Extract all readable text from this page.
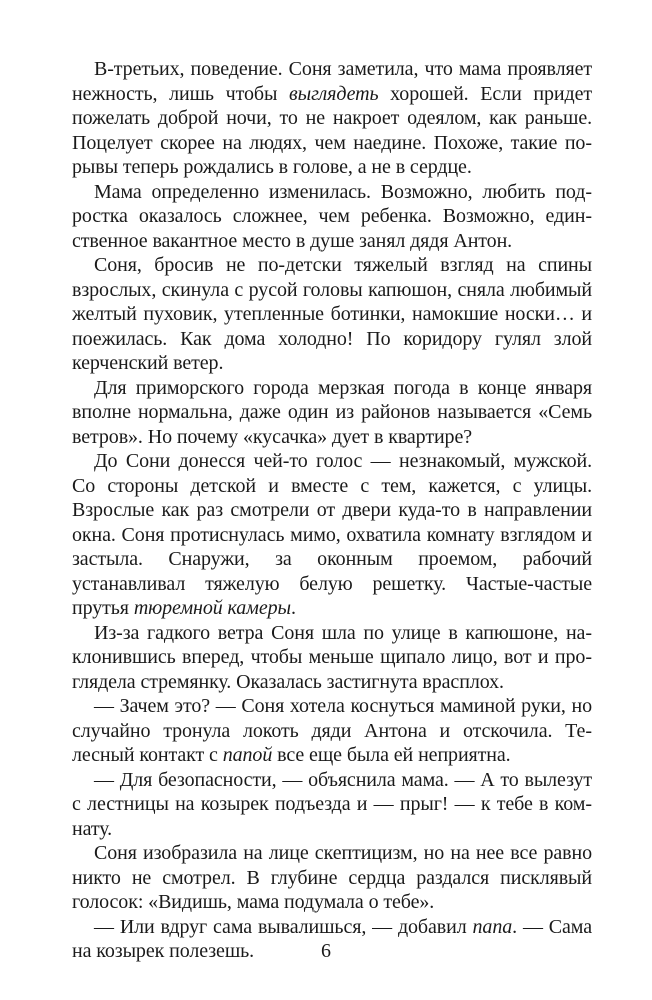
В-третьих, поведение. Соня заметила, что мама проявляет нежность, лишь чтобы выглядеть хорошей. Если придет пожелать доброй ночи, то не накроет одеялом, как раньше. Поцелует скорее на людях, чем наедине. Похоже, такие порывы теперь рождались в голове, а не в сердце.

Мама определенно изменилась. Возможно, любить подростка оказалось сложнее, чем ребенка. Возможно, единственное вакантное место в душе занял дядя Антон.

Соня, бросив не по-детски тяжелый взгляд на спины взрослых, скинула с русой головы капюшон, сняла любимый желтый пуховик, утепленные ботинки, намокшие носки… и поежилась. Как дома холодно! По коридору гулял злой керченский ветер.

Для приморского города мерзкая погода в конце января вполне нормальна, даже один из районов называется «Семь ветров». Но почему «кусачка» дует в квартире?

До Сони донесся чей-то голос — незнакомый, мужской. Со стороны детской и вместе с тем, кажется, с улицы. Взрослые как раз смотрели от двери куда-то в направлении окна. Соня протиснулась мимо, охватила комнату взглядом и застыла. Снаружи, за оконным проемом, рабочий устанавливал тяжелую белую решетку. Частые-частые прутья тюремной камеры.

Из-за гадкого ветра Соня шла по улице в капюшоне, наклонившись вперед, чтобы меньше щипало лицо, вот и проглядела стремянку. Оказалась застигнута врасплох.

— Зачем это? — Соня хотела коснуться маминой руки, но случайно тронула локоть дяди Антона и отскочила. Телесный контакт с папой все еще была ей неприятна.

— Для безопасности, — объяснила мама. — А то вылезут с лестницы на козырек подъезда и — прыг! — к тебе в комнату.

Соня изобразила на лице скептицизм, но на нее все равно никто не смотрел. В глубине сердца раздался писклявый голосок: «Видишь, мама подумала о тебе».

— Или вдруг сама вывалишься, — добавил папа. — Сама на козырек полезешь.	6
